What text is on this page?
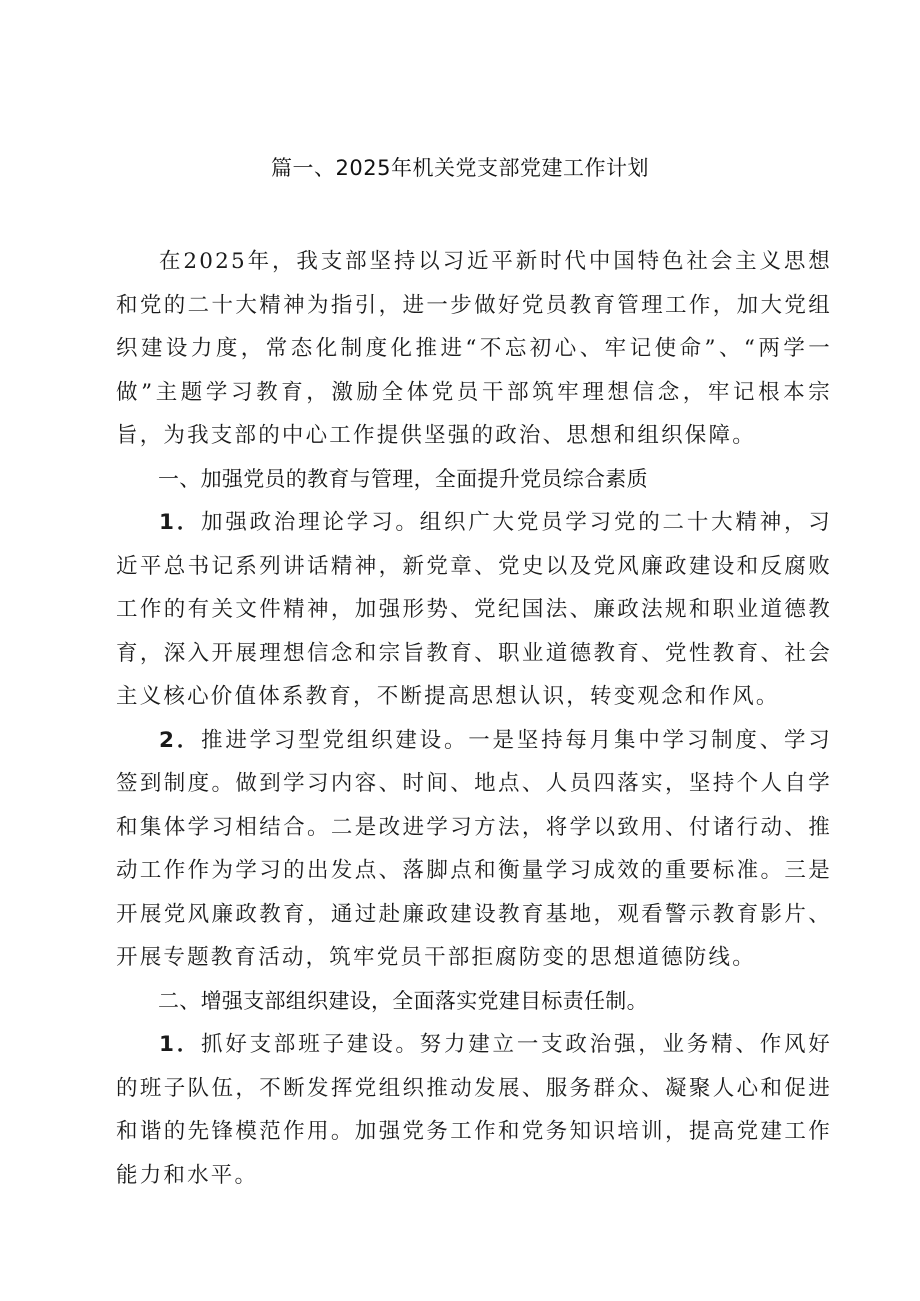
篇一、2025年机关党支部党建工作计划

在2025年，我支部坚持以习近平新时代中国特色社会主义思想和党的二十大精神为指引，进一步做好党员教育管理工作，加大党组织建设力度，常态化制度化推进“不忘初心、牢记使命”、“两学一做”主题学习教育，激励全体党员干部筑牢理想信念，牢记根本宗旨，为我支部的中心工作提供坚强的政治、思想和组织保障。

一、加强党员的教育与管理，全面提升党员综合素质

1．加强政治理论学习。组织广大党员学习党的二十大精神，习近平总书记系列讲话精神，新党章、党史以及党风廉政建设和反腐败工作的有关文件精神，加强形势、党纪国法、廉政法规和职业道德教育，深入开展理想信念和宗旨教育、职业道德教育、党性教育、社会主义核心价值体系教育，不断提高思想认识，转变观念和作风。

2．推进学习型党组织建设。一是坚持每月集中学习制度、学习签到制度。做到学习内容、时间、地点、人员四落实，坚持个人自学和集体学习相结合。二是改进学习方法，将学以致用、付诸行动、推动工作作为学习的出发点、落脚点和衡量学习成效的重要标准。三是开展党风廉政教育，通过赴廉政建设教育基地，观看警示教育影片、开展专题教育活动，筑牢党员干部拒腐防变的思想道德防线。

二、增强支部组织建设，全面落实党建目标责任制。

1．抓好支部班子建设。努力建立一支政治强，业务精、作风好的班子队伍，不断发挥党组织推动发展、服务群众、凝聚人心和促进和谐的先锋模范作用。加强党务工作和党务知识培训，提高党建工作能力和水平。
